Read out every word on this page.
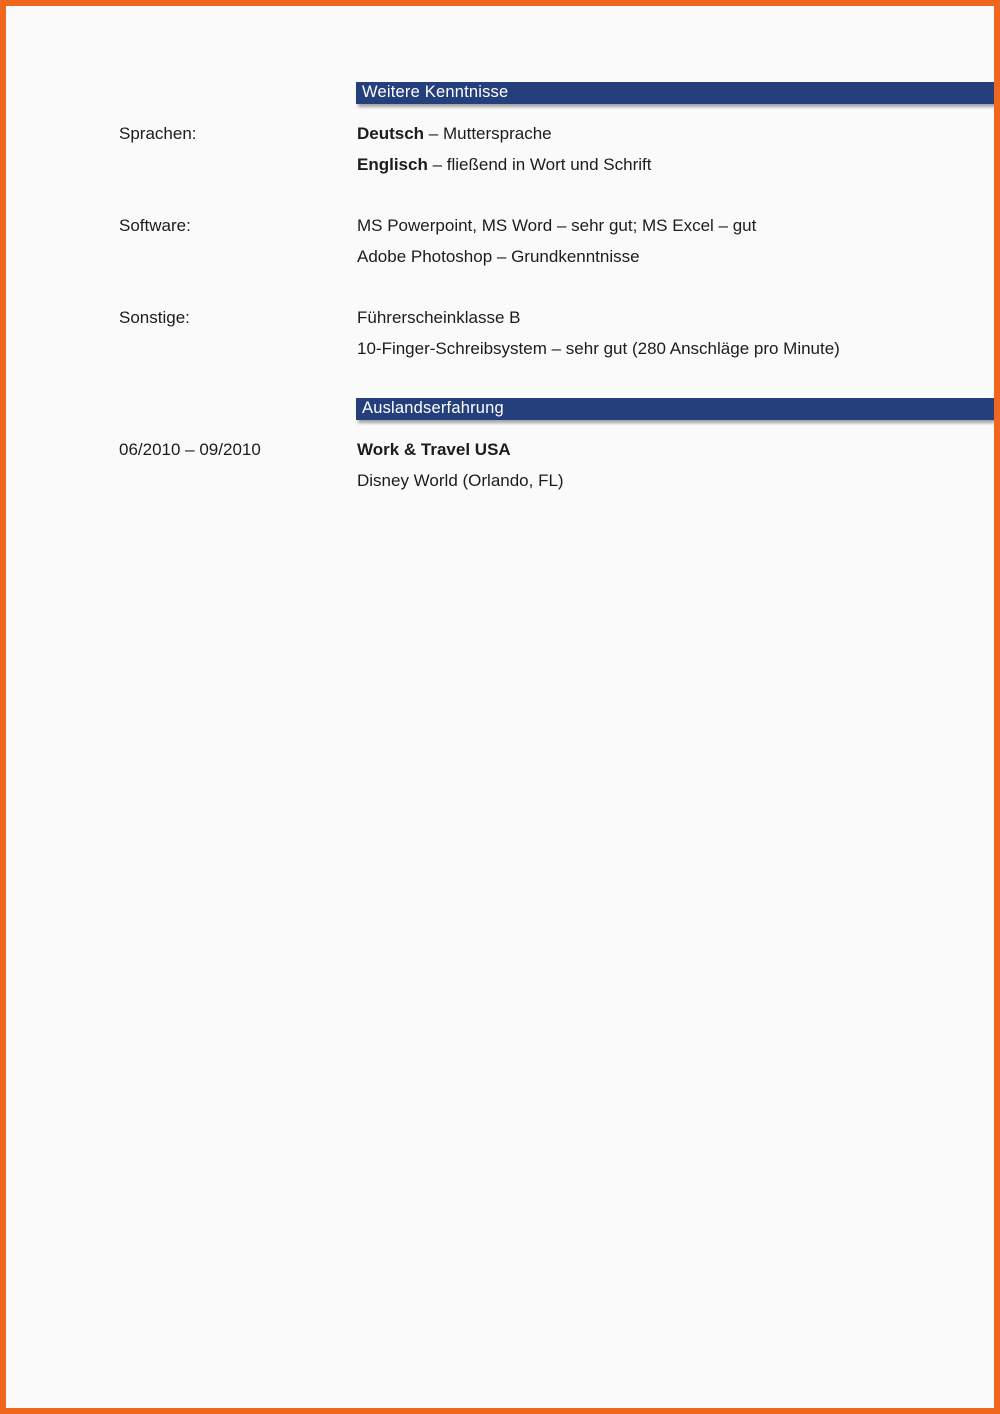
Weitere Kenntnisse
Sprachen:	Deutsch – Muttersprache
Englisch – fließend in Wort und Schrift
Software:	MS Powerpoint, MS Word – sehr gut; MS Excel – gut
Adobe Photoshop – Grundkenntnisse
Sonstige:	Führerscheinklasse B
10-Finger-Schreibsystem – sehr gut (280 Anschläge pro Minute)
Auslandserfahrung
06/2010 – 09/2010	Work & Travel USA
Disney World (Orlando, FL)
